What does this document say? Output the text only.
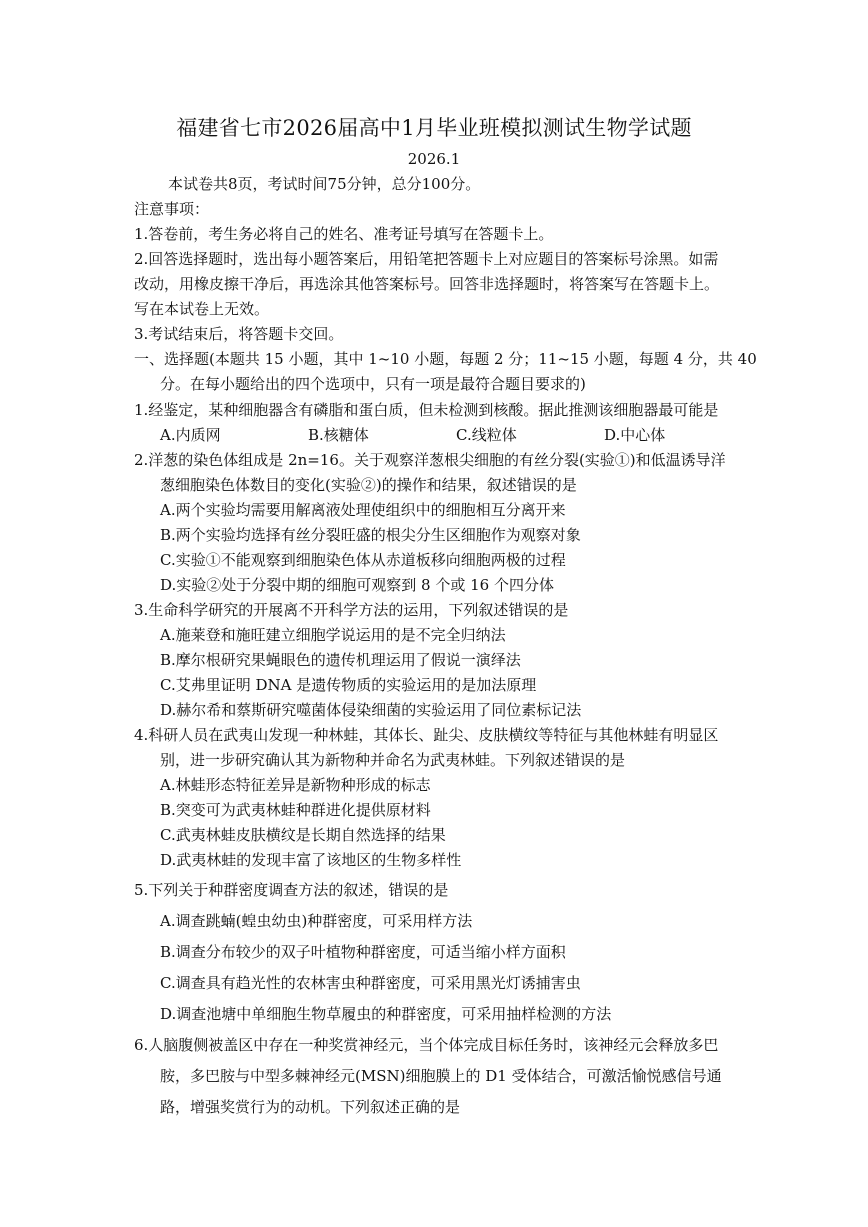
福建省七市2026届高中1月毕业班模拟测试生物学试题
2026.1
本试卷共8页，考试时间75分钟，总分100分。
注意事项：
1.答卷前，考生务必将自己的姓名、准考证号填写在答题卡上。
2.回答选择题时，选出每小题答案后，用铅笔把答题卡上对应题目的答案标号涂黑。如需
改动，用橡皮擦干净后，再选涂其他答案标号。回答非选择题时，将答案写在答题卡上。
写在本试卷上无效。
3.考试结束后，将答题卡交回。
一、选择题(本题共 15 小题，其中 1~10 小题，每题 2 分；11~15 小题，每题 4 分，共 40
分。在每小题给出的四个选项中，只有一项是最符合题目要求的)
1.经鉴定，某种细胞器含有磷脂和蛋白质，但未检测到核酸。据此推测该细胞器最可能是
A.内质网	B.核糖体	C.线粒体	D.中心体
2.洋葱的染色体组成是 2n=16。关于观察洋葱根尖细胞的有丝分裂(实验①)和低温诱导洋
葱细胞染色体数目的变化(实验②)的操作和结果，叙述错误的是
A.两个实验均需要用解离液处理使组织中的细胞相互分离开来
B.两个实验均选择有丝分裂旺盛的根尖分生区细胞作为观察对象
C.实验①不能观察到细胞染色体从赤道板移向细胞两极的过程
D.实验②处于分裂中期的细胞可观察到 8 个或 16 个四分体
3.生命科学研究的开展离不开科学方法的运用，下列叙述错误的是
A.施莱登和施旺建立细胞学说运用的是不完全归纳法
B.摩尔根研究果蝇眼色的遗传机理运用了假说一演绎法
C.艾弗里证明 DNA 是遗传物质的实验运用的是加法原理
D.赫尔希和蔡斯研究噬菌体侵染细菌的实验运用了同位素标记法
4.科研人员在武夷山发现一种林蛙，其体长、趾尖、皮肤横纹等特征与其他林蛙有明显区
别，进一步研究确认其为新物种并命名为武夷林蛙。下列叙述错误的是
A.林蛙形态特征差异是新物种形成的标志
B.突变可为武夷林蛙种群进化提供原材料
C.武夷林蛙皮肤横纹是长期自然选择的结果
D.武夷林蛙的发现丰富了该地区的生物多样性
5.下列关于种群密度调查方法的叙述，错误的是
A.调查跳蝻(蝗虫幼虫)种群密度，可采用样方法
B.调查分布较少的双子叶植物种群密度，可适当缩小样方面积
C.调查具有趋光性的农林害虫种群密度，可采用黑光灯诱捕害虫
D.调查池塘中单细胞生物草履虫的种群密度，可采用抽样检测的方法
6.人脑腹侧被盖区中存在一种奖赏神经元，当个体完成目标任务时，该神经元会释放多巴
胺，多巴胺与中型多棘神经元(MSN)细胞膜上的 D1 受体结合，可激活愉悦感信号通
路，增强奖赏行为的动机。下列叙述正确的是
